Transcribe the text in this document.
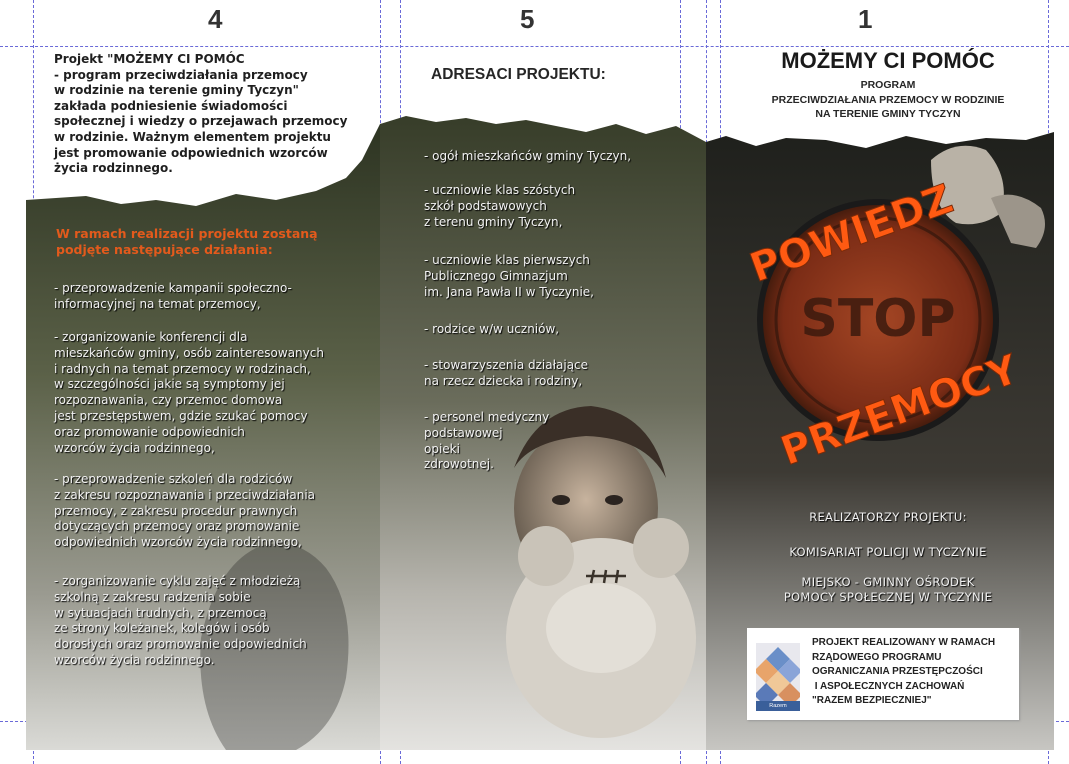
4	5	1
STOP
POWIEDZ
PRZEMOCY

Projekt "MOŻEMY CI POMÓC
- program przeciwdziałania przemocy
w rodzinie na terenie gminy Tyczyn"
zakłada podniesienie świadomości
społecznej i wiedzy o przejawach przemocy
w rodzinie. Ważnym elementem projektu
jest promowanie odpowiednich wzorców
życia rodzinnego.

W ramach realizacji projektu zostaną
podjęte następujące działania:

- przeprowadzenie kampanii społeczno-
informacyjnej na temat przemocy,

- zorganizowanie konferencji dla
mieszkańców gminy, osób zainteresowanych
i radnych na temat przemocy w rodzinach,
w szczególności jakie są symptomy jej
rozpoznawania, czy przemoc domowa
jest przestępstwem, gdzie szukać pomocy
oraz promowanie odpowiednich
wzorców życia rodzinnego,

- przeprowadzenie szkoleń dla rodziców
z zakresu rozpoznawania i przeciwdziałania
przemocy, z zakresu procedur prawnych
dotyczących przemocy oraz promowanie
odpowiednich wzorców życia rodzinnego,

- zorganizowanie cyklu zajęć z młodzieżą
szkolną z zakresu radzenia sobie
w sytuacjach trudnych, z przemocą
ze strony koleżanek, kolegów i osób
dorosłych oraz promowanie odpowiednich
wzorców życia rodzinnego.

ADRESACI PROJEKTU:

- ogół mieszkańców gminy Tyczyn,

- uczniowie klas szóstych
szkół podstawowych
z terenu gminy Tyczyn,

- uczniowie klas pierwszych
Publicznego Gimnazjum
im. Jana Pawła II w Tyczynie,

- rodzice w/w uczniów,

- stowarzyszenia działające
na rzecz dziecka i rodziny,

- personel medyczny
podstawowej
opieki
zdrowotnej.

MOŻEMY CI POMÓC

PROGRAM
PRZECIWDZIAŁANIA PRZEMOCY W RODZINIE
NA TERENIE GMINY TYCZYN

REALIZATORZY PROJEKTU:

KOMISARIAT POLICJI W TYCZYNIE

MIEJSKO - GMINNY OŚRODEK
POMOCY SPOŁECZNEJ W TYCZYNIE

Razem bezpieczniej
PROJEKT REALIZOWANY W RAMACH
RZĄDOWEGO PROGRAMU
OGRANICZANIA PRZESTĘPCZOŚCI
I ASPOŁECZNYCH ZACHOWAŃ
"RAZEM BEZPIECZNIEJ"
